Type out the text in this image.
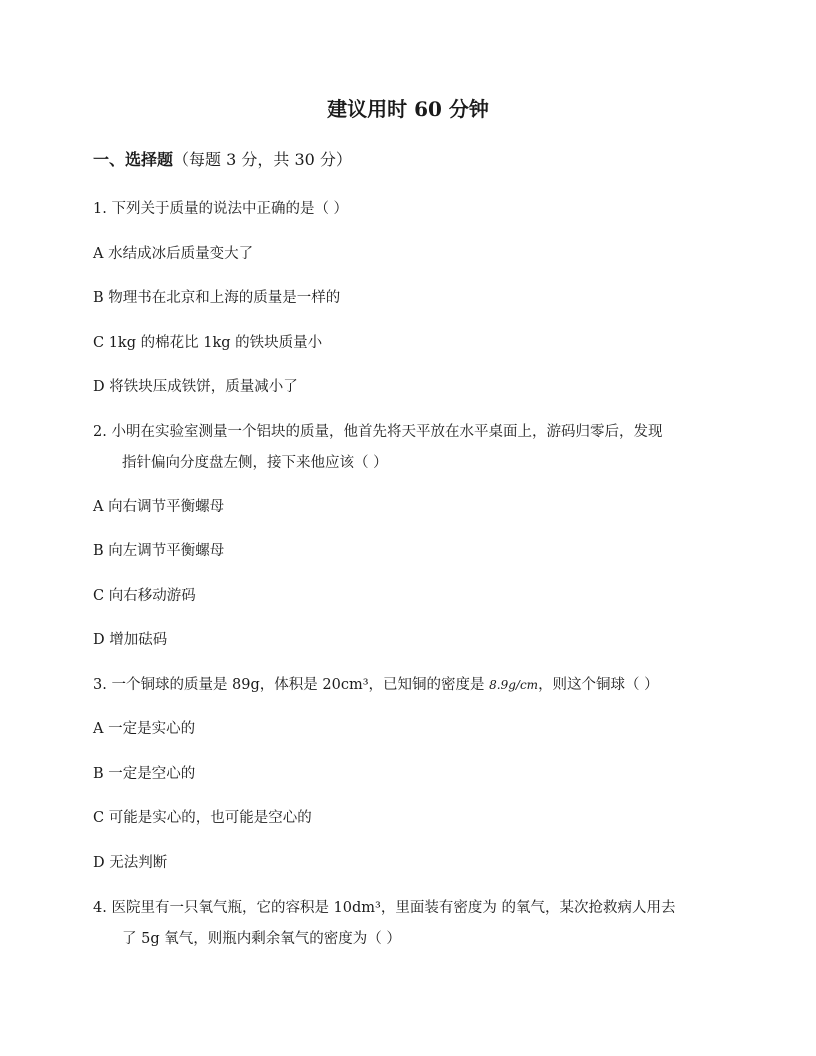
建议用时 60 分钟
一、选择题（每题 3 分，共 30 分）
1. 下列关于质量的说法中正确的是（ ）
A 水结成冰后质量变大了
B 物理书在北京和上海的质量是一样的
C 1kg 的棉花比 1kg 的铁块质量小
D 将铁块压成铁饼，质量减小了
2. 小明在实验室测量一个铝块的质量，他首先将天平放在水平桌面上，游码归零后，发现
指针偏向分度盘左侧，接下来他应该（ ）
A 向右调节平衡螺母
B 向左调节平衡螺母
C 向右移动游码
D 增加砝码
3. 一个铜球的质量是 89g，体积是 20cm³，已知铜的密度是 8.9g/cm，则这个铜球（ ）
A 一定是实心的
B 一定是空心的
C 可能是实心的，也可能是空心的
D 无法判断
4. 医院里有一只氧气瓶，它的容积是 10dm³，里面装有密度为 的氧气，某次抢救病人用去
了 5g 氧气，则瓶内剩余氧气的密度为（ ）
